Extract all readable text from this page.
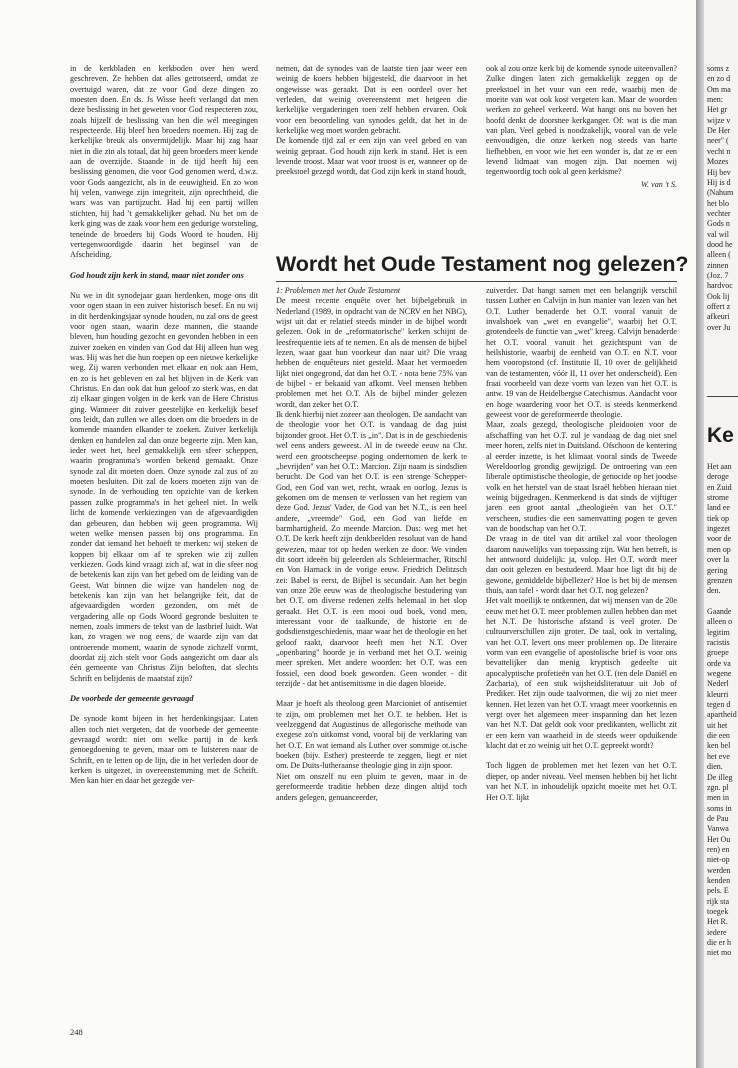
in de kerkbladen en kerkboden over hen werd geschreven. Ze hebben dat alles getrotseerd, omdat ze overtuigd waren, dat ze voor God deze dingen zo moesten doen. En ds. Js Wisse heeft verlangd dat men deze beslissing in het geweten voor God respecteren zou, zoals hijzelf de beslissing van hen die wél meegingen respecteerde. Hij bleef hen broeders noemen. Hij zag de kerkelijke breuk als onvermijdelijk. Maar hij zag haar niet in die zin als totaal, dat hij geen broeders meer kende aan de overzijde. Staande in de tijd heeft hij een beslissing genomen, die voor God genomen werd, d.w.z. voor Gods aangezicht, als in de eeuwigheid. En zo won hij velen, vanwege zijn integriteit, zijn oprechtheid, die wars was van partijzucht. Had hij een partij willen stichten, hij had 't gemakkelijker gehad. Nu het om de kerk ging was de zaak voor hem een gedurige worsteling, teneinde de broeders bij Gods Woord te houden. Hij vertegenwoordigde daarin het beginsel van de Afscheiding.

God houdt zijn kerk in stand, maar niet zonder ons

Nu we in dit synodejaar gaan herdenken, moge ons dit voor ogen staan in een zuiver historisch besef. En nu wij in dit herdenkingsjaar synode houden, nu zal ons de geest voor ogen staan, waarin deze mannen, die staande bleven, hun houding gezocht en gevonden hebben in een zuiver zoeken en vinden van God dat Hij alleen hun weg was. Hij was het die hun roepen op een nieuwe kerkelijke weg. Zij waren verbonden met elkaar en ook aan Hem, en zo is het gebleven en zal het blijven in de Kerk van Christus. En dan ook dat hun geloof zo sterk was, en dat zij elkaar gingen volgen in de kerk van de Here Christus ging. Wanneer dit zuiver geestelijke en kerkelijk besef ons leidt, dan zullen we alles doen om die broeders in de komende maanden elkander te zoeken. Zuiver kerkelijk denken en handelen zal dan onze begeerte zijn. Men kan, ieder weet het, heel gemakkelijk een sfeer scheppen, waarin programma's worden bekend gemaakt. Onze synode zal dit moeten doen. Onze synode zal zus of zo moeten besluiten. Dit zal de koers moeten zijn van de synode. In de verhouding ten opzichte van de kerken passen zulke programma's in het geheel niet. In welk licht de komende verkiezingen van de afgevaardigden dan gebeuren, dan hebben wij geen programma. Wij weten welke mensen passen bij ons programma. En zonder dat iemand het behoeft te merken: wij steken de koppen bij elkaar om af te spreken wie zij zullen verkiezen. Gods kind vraagt zich af, wat in die sfeer nog de betekenis kan zijn van het gebed om de leiding van de Geest. Wat binnen die wijze van handelen nog de betekenis kan zijn van het belangrijke feit, dat de afgevaardigden worden gezonden, om mét de vergadering alle op Gods Woord gegronde besluiten te nemen, zoals immers de tekst van de lastbrief luidt. Wat kan, zo vragen we nog eens, de waarde zijn van dat ontroerende moment, waarin de synode zichzelf vormt, doordat zij zich stelt voor Gods aangezicht om daar als één gemeente van Christus Zijn beloften, dat slechts Schrift en belijdenis de maatstaf zijn?

De voorbede der gemeente gevraagd

De synode komt bijeen in het herdenkingsjaar. Laten allen toch niet vergeten, dat de voorbede der gemeente gevraagd wordt: niet om welke partij in de kerk genoegdoening te geven, maar om te luisteren naar de Schrift, en te letten op de lijn, die in het verleden door de kerken is uitgezet, in overeenstemming met de Schrift. Men kan hier en daar het gezegde ver-

nemen, dat de synodes van de laatste tien jaar weer een weinig de koers hebben bijgesteld, die daarvoor in het ongewisse was geraakt. Dat is een oordeel over het verleden, dat weinig overeenstemt met hetgeen die kerkelijke vergaderingen toen zelf hebben ervaren. Ook voor een beoordeling van synodes geldt, dat het in de kerkelijke weg moet worden gebracht.

De komende tijd zal er een zijn van veel gebed en van weinig gepraat. God houdt zijn kerk in stand. Het is een levende troost. Maar wat voor troost is er, wanneer op de preekstoel gezegd wordt, dat God zijn kerk in stand houdt,

ook al zou onze kerk bij de komende synode uiteenvallen? Zulke dingen laten zich gemakkelijk zeggen op de preekstoel in het vuur van een rede, waarbij men de moeite van wat ook kost vergeten kan. Maar de woorden werken zo geheel verkeerd. Wat hangt ons nu boven het hoofd denkt de doorsnee kerkganger. Of: wat is die man van plan. Veel gebed is noodzakelijk, vooral van de vele eenvoudigen, die onze kerken nog steeds van harte liefhebben, en voor wie het een wonder is, dat ze er een levend lidmaat van mogen zijn. Dat noemen wij tegenwoordig toch ook al geen kerkisme?

W. van 't S.
Wordt het Oude Testament nog gelezen?

1: Problemen met het Oude Testament

De meest recente enquête over het bijbelgebruik in Nederland (1989, in opdracht van de NCRV en het NBG), wijst uit dat er relatief steeds minder in de bijbel wordt gelezen. Ook in de „reformatorische" kerken schijnt de leesfrequentie iets af te nemen. En als de mensen de bijbel lezen, waar gaat hun voorkeur dan naar uit? Die vraag hebben de enquêteurs niet gesteld. Maar het vermoeden lijkt niet ongegrond, dat dan het O.T. - nota bene 75% van de bijbel - er bekaaid van afkomt. Veel mensen hebben problemen met het O.T. Als de bijbel minder gelezen wordt, dan zeker het O.T.

Ik denk hierbij niet zozeer aan theologen. De aandacht van de theologie voor het O.T. is vandaag de dag juist bijzonder groot. Het O.T. is „in". Dat is in de geschiedenis wel eens anders geweest. Al in de tweede eeuw na Chr. werd een grootscheepse poging ondernomen de kerk te „bevrijden" van het O.T.: Marcion. Zijn naam is sindsdien berucht. De God van het O.T. is een strenge Schepper-God, een God van wet, recht, wraak en oorlog. Jezus is gekomen om de mensen te verlossen van het regiem van deze God. Jezus' Vader, de God van het N.T., is een heel andere, „vreemde" God, een God van liefde en barmhartigheid. Zo meende Marcion. Dus: weg met het O.T. De kerk heeft zijn denkbeelden resoluut van de hand gewezen, maar tot op heden werken ze door. We vinden dit soort ideeën bij geleerden als Schleiermacher, Ritschl en Von Harnack in de vorige eeuw. Friedrich Delitzsch zei: Babel is eerst, de Bijbel is secundair. Aan het begin van onze 20e eeuw was de theologische bestudering van het O.T. om diverse redenen zelfs helemaal in het slop geraakt. Het O.T. is een mooi oud boek, vond men, interessant voor de taalkunde, de historie en de godsdienstgeschiedenis, maar waar het de theologie en het geloof raakt, daarvoor heeft men het N.T. Over „openbaring" hoorde je in verband met het O.T. weinig meer spreken. Met andere woorden: het O.T. was een fossiel, een dood boek geworden. Geen wonder - dit terzijde - dat het antisemitisme in die dagen bloeide.

Maar je hoeft als theoloog geen Marcioniet of antisemiet te zijn, om problemen met het O.T. te hebben. Het is veelzeggend dat Augustinus de allegorische methode van exegese zo'n uitkomst vond, vooral bij de verklaring van het O.T. En wat iemand als Luther over sommige ot.ische boeken (bijv. Esther) presteerde te zeggen, liegt er niet om. De Duits-lutheraanse theologie ging in zijn spoor.

Niet om onszelf nu een pluim te geven, maar in de gereformeerde traditie hebben deze dingen altijd toch anders gelegen, genuanceerder,

zuiverder. Dat hangt samen met een belangrijk verschil tussen Luther en Calvijn in hun manier van lezen van het O.T. Luther benaderde het O.T. vooral vanuit de invalshoek van „wet en evangelie", waarbij het O.T. grotendeels de functie van „wet" kreeg. Calvijn benaderde het O.T. vooral vanuit het gezichtspunt van de heilshistorie, waarbij de eenheid van O.T. en N.T. voor hem vooropstond (cf. Institutie II, 10 over de gelijkheid van de testamenten, vóór II, 11 over het onderscheid). Een fraai voorbeeld van deze vorm van lezen van het O.T. is antw. 19 van de Heidelbergse Catechismus. Aandacht voor en hoge waardering voor het O.T. is steeds kenmerkend geweest voor de gereformeerde theologie.

Maar, zoals gezegd, theologische pleidooien voor de afschaffing van het O.T. zul je vandaag de dag niet snel meer horen, zelfs niet in Duitsland. Ofschoon de kentering al eerder inzette, is het klimaat vooral sinds de Tweede Wereldoorlog grondig gewijzigd. De ontroering van een liberale optimistische theologie, de genocide op het joodse volk en het herstel van de staat Israël hebben hieraan niet weinig bijgedragen. Kenmerkend is dat sinds de vijftiger jaren een groot aantal „theologieën van het O.T." verscheen, studies die een samenvatting pogen te geven van de boodschap van het O.T.

De vraag in de titel van dit artikel zal voor theologen daarom nauwelijks van toepassing zijn. Wat hen betreft, is het antwoord duidelijk: ja, volop. Het O.T. wordt meer dan ooit gelezen en bestudeerd. Maar hoe ligt dit bij de gewone, gemiddelde bijbellezer? Hoe is het bij de mensen thuis, aan tafel - wordt daar het O.T. nog gelezen?

Het valt moeilijk te ontkennen, dat wij mensen van de 20e eeuw met het O.T. meer problemen zullen hebben dan met het N.T. De historische afstand is veel groter. De cultuurverschillen zijn groter. De taal, ook in vertaling, van het O.T. levert ons meer problemen op. De literaire vorm van een evangelie of apostolische brief is voor ons bevattelijker dan menig kryptisch gedeelte uit apocalyptische profetieën van het O.T. (ten dele Daniël en Zacharia), of een stuk wijsheidsliteratuur uit Job of Prediker. Het zijn oude taalvormen, die wij zo niet meer kennen. Het lezen van het O.T. vraagt meer voorkennis en vergt over het algemeen meer inspanning dan het lezen van het N.T. Dat geldt ook voor predikanten, wellicht zit er een kern van waarheid in de steeds weer opduikende klacht dat er zo weinig uit het O.T. gepreekt wordt?

Toch liggen de problemen met het lezen van het O.T. dieper, op ander niveau. Veel mensen hebben bij het licht van het N.T. in inhoudelijk opzicht moeite met het O.T. Het O.T. lijkt

248
soms z
en zo d
Om ma
men:
Het gr
wijze v
De Her
neer" (
vecht n
Mozes
Hij bev
Hij is d
(Nahum
het blo
vechter
Gods n
val wil
dood he
alleen (
zinnen
(Joz. 7
hardvoc
Ook lij
offert z
afkeuri
over Ju
Ke
Het aan
deroge
en Zuid
strome
land ee
tiek op
ingezet
voor de
men op
over la
gering
grenzen
den.
Gaande
alleen o
legitim
racistis
groepe
orde va
wegene
Nederl
kleurri
tegen d
apartheid
uit het
die een
ken bel
het eve
dien.
De illeg
zgn. pl
men in
soms in
de Pau
Vanwa
Het Ou
ren) en
niet-op
werden
kenden
pels. E
rijk sta
toegek
Het R.
iedere
die er h
niet mo
